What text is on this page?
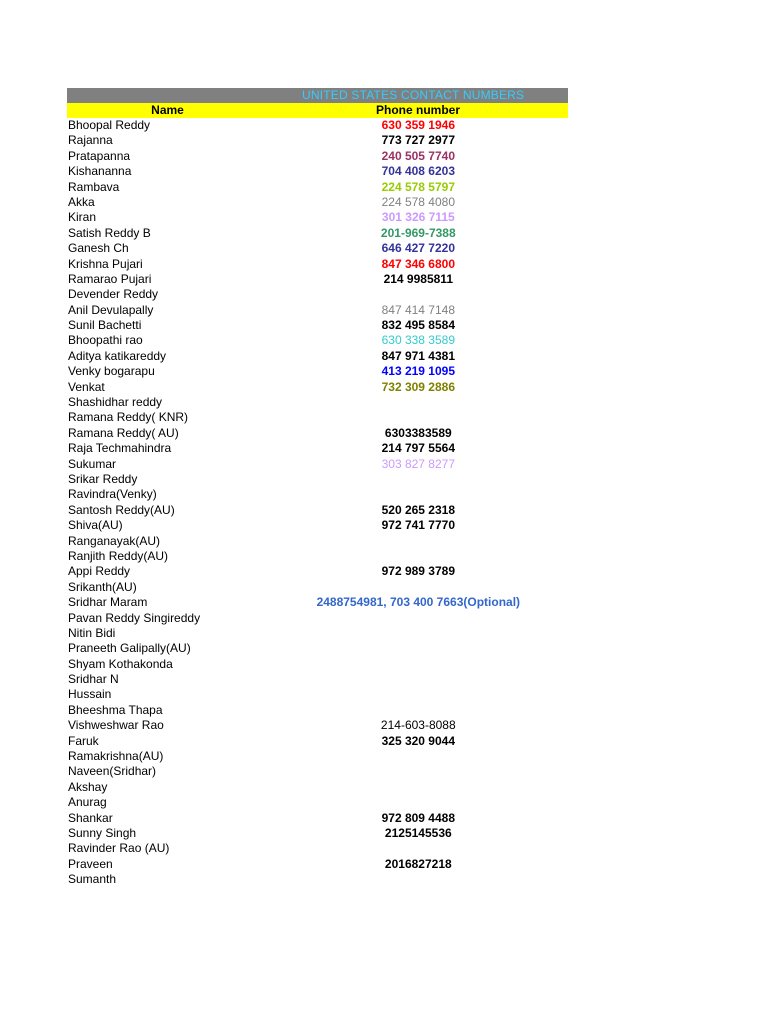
UNITED STATES CONTACT NUMBERS
Name	Phone number
Bhoopal Reddy	630 359 1946
Rajanna	773 727 2977
Pratapanna	240 505 7740
Kishananna	704 408 6203
Rambava	224 578 5797
Akka	224 578 4080
Kiran	301 326 7115
Satish Reddy B	201-969-7388
Ganesh Ch	646 427 7220
Krishna Pujari	847 346 6800
Ramarao Pujari	214 9985811
Devender Reddy
Anil Devulapally	847 414 7148
Sunil Bachetti	832 495 8584
Bhoopathi rao	630 338 3589
Aditya katikareddy	847 971 4381
Venky bogarapu	413 219 1095
Venkat	732 309 2886
Shashidhar reddy
Ramana Reddy( KNR)
Ramana Reddy( AU)	6303383589
Raja Techmahindra	214 797 5564
Sukumar	303 827 8277
Srikar Reddy
Ravindra(Venky)
Santosh Reddy(AU)	520 265 2318
Shiva(AU)	972 741 7770
Ranganayak(AU)
Ranjith Reddy(AU)
Appi Reddy	972 989 3789
Srikanth(AU)
Sridhar Maram	2488754981, 703 400 7663(Optional)
Pavan Reddy Singireddy
Nitin Bidi
Praneeth Galipally(AU)
Shyam Kothakonda
Sridhar N
Hussain
Bheeshma Thapa
Vishweshwar Rao	214-603-8088
Faruk	325 320 9044
Ramakrishna(AU)
Naveen(Sridhar)
Akshay
Anurag
Shankar	972 809 4488
Sunny Singh	2125145536
Ravinder Rao (AU)
Praveen	2016827218
Sumanth
